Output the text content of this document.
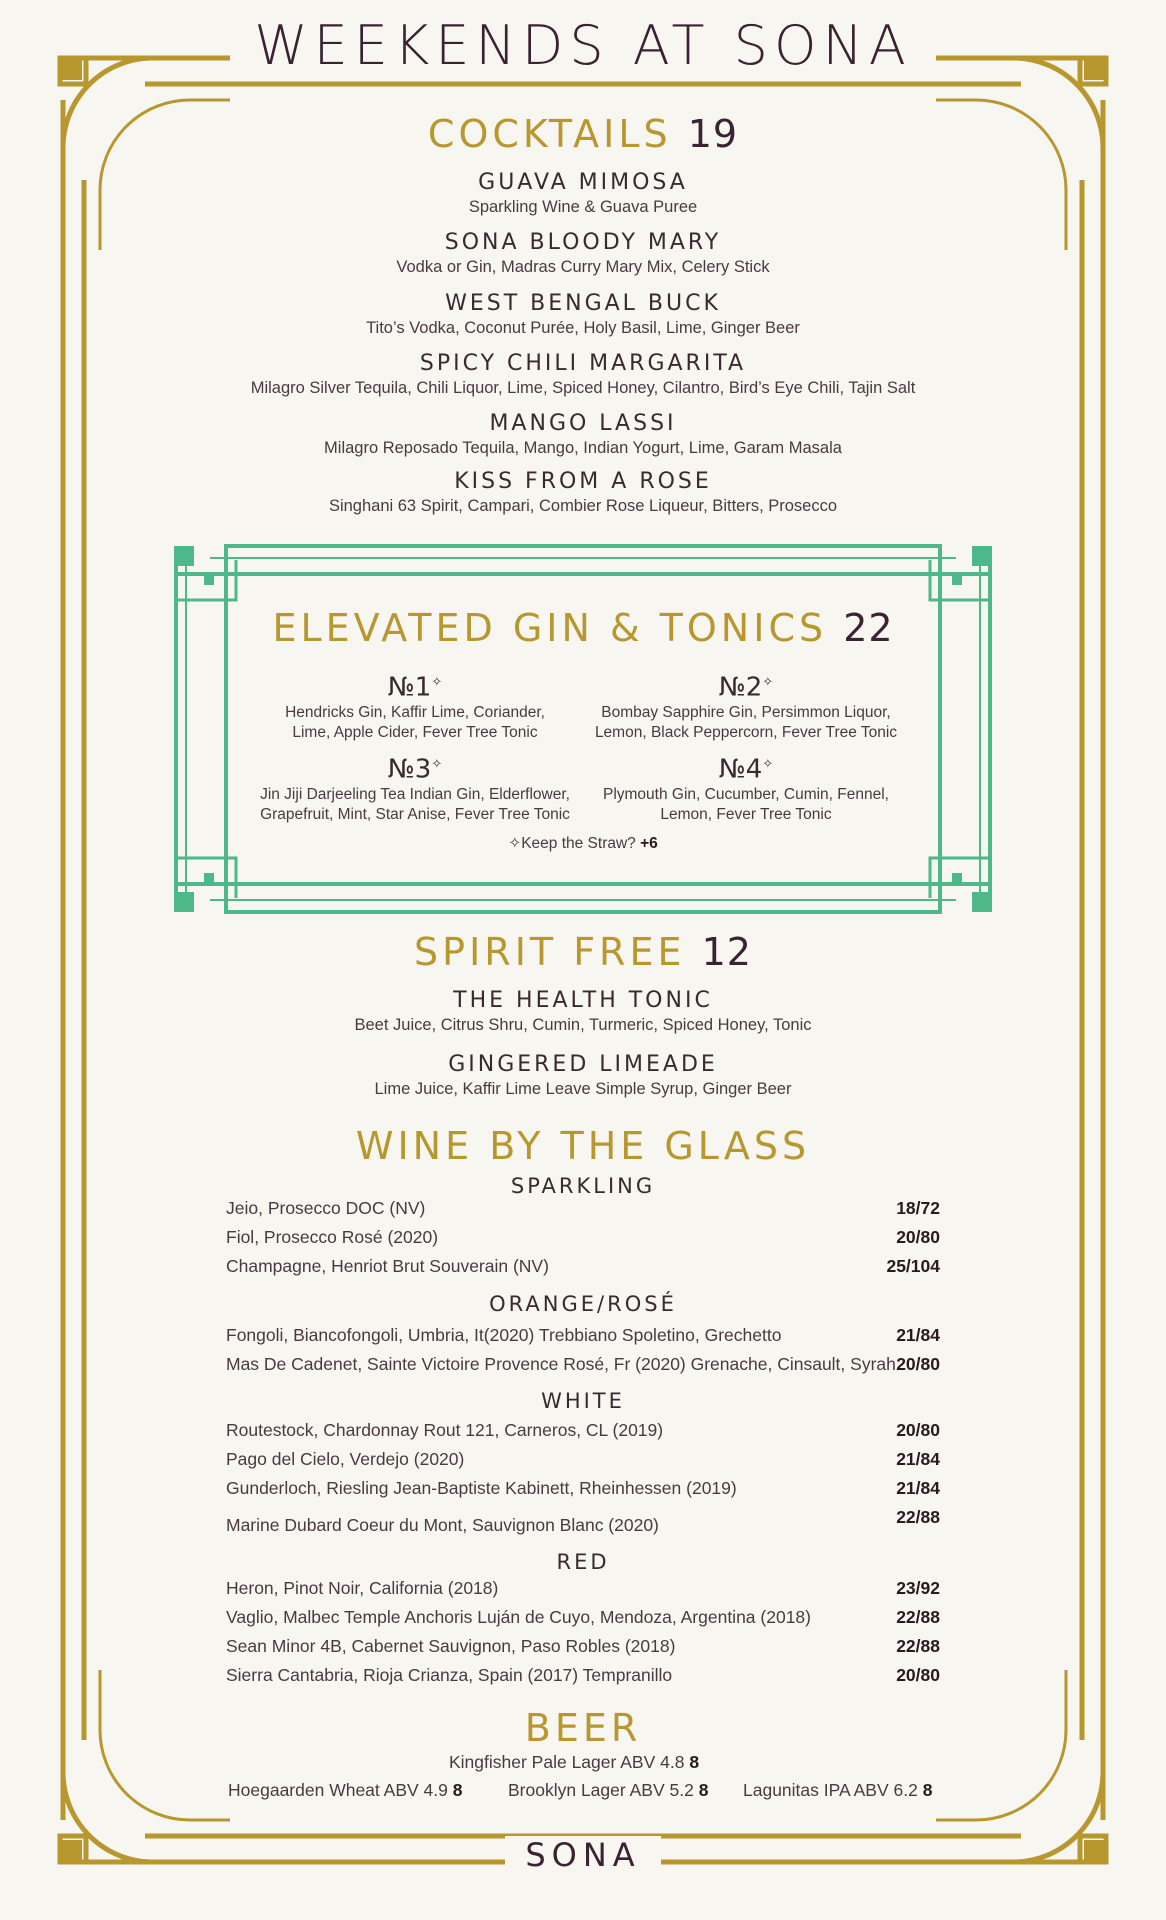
WEEKENDS AT SONA
SONA
COCKTAILS 19
GUAVA MIMOSA
Sparkling Wine & Guava Puree
SONA BLOODY MARY
Vodka or Gin, Madras Curry Mary Mix, Celery Stick
WEST BENGAL BUCK
Tito’s Vodka, Coconut Purée, Holy Basil, Lime, Ginger Beer
SPICY CHILI MARGARITA
Milagro Silver Tequila, Chili Liquor, Lime, Spiced Honey, Cilantro, Bird’s Eye Chili, Tajin Salt
MANGO LASSI
Milagro Reposado Tequila, Mango, Indian Yogurt, Lime, Garam Masala
KISS FROM A ROSE
Singhani 63 Spirit, Campari, Combier Rose Liqueur, Bitters, Prosecco
ELEVATED GIN & TONICS 22
№1✧
Hendricks Gin, Kaffir Lime, Coriander,
Lime, Apple Cider, Fever Tree Tonic
№2✧
Bombay Sapphire Gin, Persimmon Liquor,
Lemon, Black Peppercorn, Fever Tree Tonic
№3✧
Jin Jiji Darjeeling Tea Indian Gin, Elderflower,
Grapefruit, Mint, Star Anise, Fever Tree Tonic
№4✧
Plymouth Gin, Cucumber, Cumin, Fennel,
Lemon, Fever Tree Tonic
✧Keep the Straw? +6
SPIRIT FREE 12
THE HEALTH TONIC
Beet Juice, Citrus Shru, Cumin, Turmeric, Spiced Honey, Tonic
GINGERED LIMEADE
Lime Juice, Kaffir Lime Leave Simple Syrup, Ginger Beer
WINE BY THE GLASS
SPARKLING
Jeio, Prosecco DOC (NV)	18/72
Fiol, Prosecco Rosé (2020)	20/80
Champagne, Henriot Brut Souverain (NV)	25/104
ORANGE/ROSÉ
Fongoli, Biancofongoli, Umbria, It(2020) Trebbiano Spoletino, Grechetto	21/84
Mas De Cadenet, Sainte Victoire Provence Rosé, Fr (2020) Grenache, Cinsault, Syrah 20/80
WHITE
Routestock, Chardonnay Rout 121, Carneros, CL (2019)	20/80
Pago del Cielo, Verdejo (2020)	21/84
Gunderloch, Riesling Jean-Baptiste Kabinett, Rheinhessen (2019)	21/84
Marine Dubard Coeur du Mont, Sauvignon Blanc (2020)	22/88
RED
Heron, Pinot Noir, California (2018)	23/92
Vaglio, Malbec Temple Anchoris Luján de Cuyo, Mendoza, Argentina (2018)	22/88
Sean Minor 4B, Cabernet Sauvignon, Paso Robles (2018)	22/88
Sierra Cantabria, Rioja Crianza, Spain (2017) Tempranillo	20/80
BEER
Kingfisher Pale Lager ABV 4.8 8
Hoegaarden Wheat ABV 4.9 8	Brooklyn Lager ABV 5.2 8 Lagunitas IPA ABV 6.2 8
